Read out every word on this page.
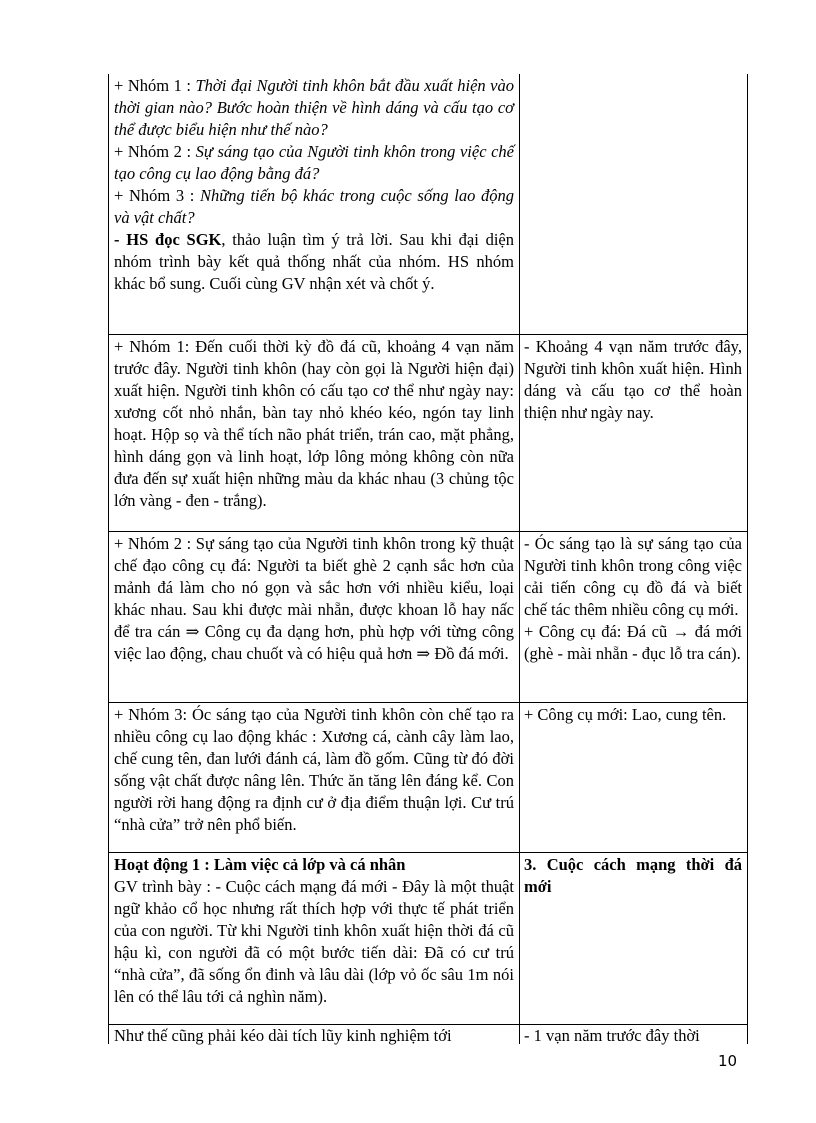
+ Nhóm 1 : Thời đại Người tinh khôn bắt đầu xuất hiện vào thời gian nào? Bước hoàn thiện về hình dáng và cấu tạo cơ thể được biểu hiện như thế nào?

+ Nhóm 2 : Sự sáng tạo của Người tinh khôn trong việc chế tạo công cụ lao động bằng đá?

+ Nhóm 3 : Những tiến bộ khác trong cuộc sống lao động và vật chất?

- HS đọc SGK, thảo luận tìm ý trả lời. Sau khi đại diện nhóm trình bày kết quả thống nhất của nhóm. HS nhóm khác bổ sung. Cuối cùng GV nhận xét và chốt ý.

+ Nhóm 1: Đến cuối thời kỳ đồ đá cũ, khoảng 4 vạn năm trước đây. Người tinh khôn (hay còn gọi là Người hiện đại) xuất hiện. Người tinh khôn có cấu tạo cơ thể như ngày nay: xương cốt nhỏ nhắn, bàn tay nhỏ khéo kéo, ngón tay linh hoạt. Hộp sọ và thể tích não phát triển, trán cao, mặt phẳng, hình dáng gọn và linh hoạt, lớp lông mỏng không còn nữa đưa đến sự xuất hiện những màu da khác nhau (3 chủng tộc lớn vàng - đen - trắng).

- Khoảng 4 vạn năm trước đây, Người tinh khôn xuất hiện. Hình dáng và cấu tạo cơ thể hoàn thiện như ngày nay.

+ Nhóm 2 : Sự sáng tạo của Người tinh khôn trong kỹ thuật chế đạo công cụ đá: Người ta biết ghè 2 cạnh sắc hơn của mảnh đá làm cho nó gọn và sắc hơn với nhiều kiểu, loại khác nhau. Sau khi được mài nhẵn, được khoan lỗ hay nấc để tra cán ⇒ Công cụ đa dạng hơn, phù hợp với từng công việc lao động, chau chuốt và có hiệu quả hơn ⇒ Đồ đá mới.

- Óc sáng tạo là sự sáng tạo của Người tinh khôn trong công việc cải tiến công cụ đồ đá và biết chế tác thêm nhiều công cụ mới.

+ Công cụ đá: Đá cũ → đá mới (ghè - mài nhẵn - đục lỗ tra cán).

+ Nhóm 3: Óc sáng tạo của Người tinh khôn còn chế tạo ra nhiều công cụ lao động khác : Xương cá, cành cây làm lao, chế cung tên, đan lưới đánh cá, làm đồ gốm. Cũng từ đó đời sống vật chất được nâng lên. Thức ăn tăng lên đáng kể. Con người rời hang động ra định cư ở địa điểm thuận lợi. Cư trú “nhà cửa” trở nên phổ biến.

+ Công cụ mới: Lao, cung tên.

Hoạt động 1 : Làm việc cả lớp và cá nhân

GV trình bày : - Cuộc cách mạng đá mới - Đây là một thuật ngữ khảo cổ học nhưng rất thích hợp với thực tế phát triển của con người. Từ khi Người tinh khôn xuất hiện thời đá cũ hậu kì, con người đã có một bước tiến dài: Đã có cư trú “nhà cửa”, đã sống ổn đinh và lâu dài (lớp vỏ ốc sâu 1m nói lên có thể lâu tới cả nghìn năm).

3. Cuộc cách mạng thời đá mới

Như thế cũng phải kéo dài tích lũy kinh nghiệm tới	- 1 vạn năm trước đây thời

10
